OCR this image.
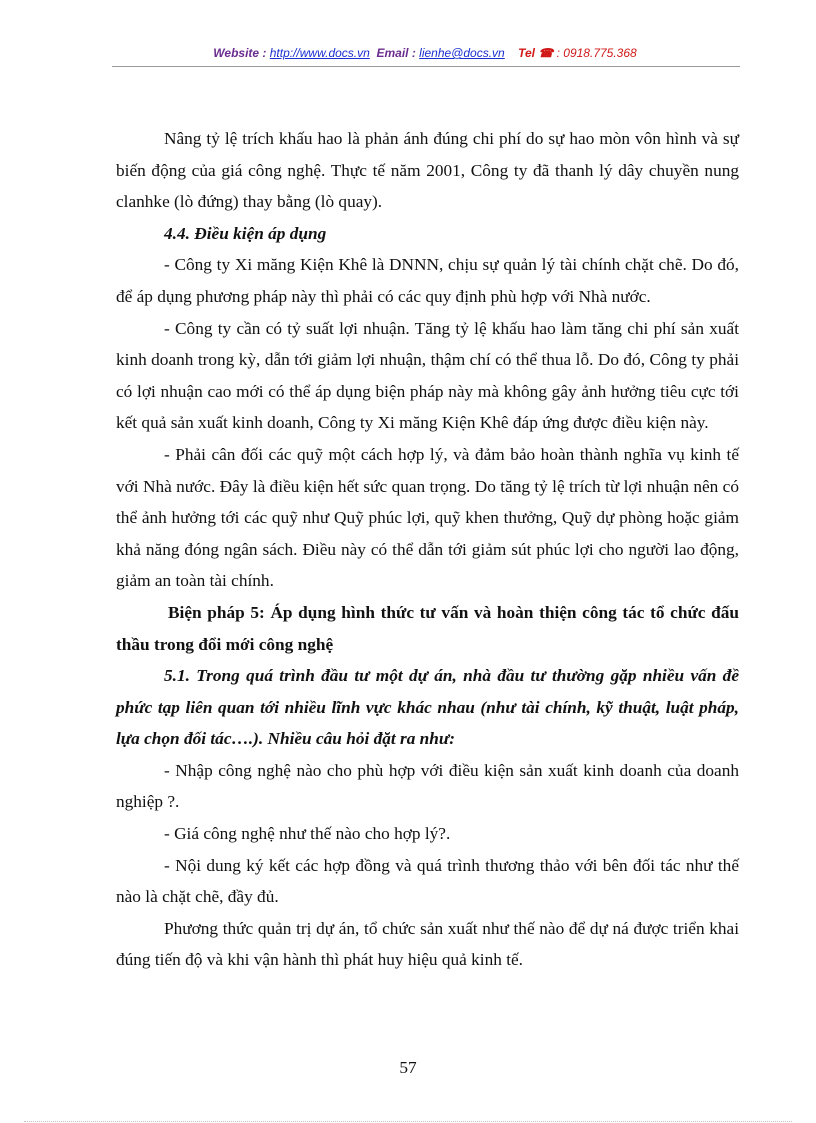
Website : http://www.docs.vn Email : lienhe@docs.vn Tel ☎ : 0918.775.368

Nâng tỷ lệ trích khấu hao là phản ánh đúng chi phí do sự hao mòn vôn hình và sự biến động của giá công nghệ. Thực tế năm 2001, Công ty đã thanh lý dây chuyền nung clanhke (lò đứng) thay bằng (lò quay).

4.4. Điều kiện áp dụng

- Công ty Xi măng Kiện Khê là DNNN, chịu sự quản lý tài chính chặt chẽ. Do đó, để áp dụng phương pháp này thì phải có các quy định phù hợp với Nhà nước.

- Công ty cần có tỷ suất lợi nhuận. Tăng tỷ lệ khấu hao làm tăng chi phí sản xuất kinh doanh trong kỳ, dẫn tới giảm lợi nhuận, thậm chí có thể thua lỗ. Do đó, Công ty phải có lợi nhuận cao mới có thể áp dụng biện pháp này mà không gây ảnh hưởng tiêu cực tới kết quả sản xuất kinh doanh, Công ty Xi măng Kiện Khê đáp ứng được điều kiện này.

- Phải cân đối các quỹ một cách hợp lý, và đảm bảo hoàn thành nghĩa vụ kinh tế với Nhà nước. Đây là điều kiện hết sức quan trọng. Do tăng tỷ lệ trích từ lợi nhuận nên có thể ảnh hưởng tới các quỹ như Quỹ phúc lợi, quỹ khen thưởng, Quỹ dự phòng hoặc giảm khả năng đóng ngân sách. Điều này có thể dẫn tới giảm sút phúc lợi cho người lao động, giảm an toàn tài chính.

Biện pháp 5: Áp dụng hình thức tư vấn và hoàn thiện công tác tổ chức đấu thầu trong đổi mới công nghệ

5.1. Trong quá trình đầu tư một dự án, nhà đầu tư thường gặp nhiều vấn đề phức tạp liên quan tới nhiều lĩnh vực khác nhau (như tài chính, kỹ thuật, luật pháp, lựa chọn đối tác….). Nhiều câu hỏi đặt ra như:

- Nhập công nghệ nào cho phù hợp với điều kiện sản xuất kinh doanh của doanh nghiệp ?.

- Giá công nghệ như thế nào cho hợp lý?.

- Nội dung ký kết các hợp đồng và quá trình thương thảo với bên đối tác như thế nào là chặt chẽ, đầy đủ.

Phương thức quản trị dự án, tổ chức sản xuất như thế nào để dự ná được triển khai đúng tiến độ và khi vận hành thì phát huy hiệu quả kinh tế.

57
